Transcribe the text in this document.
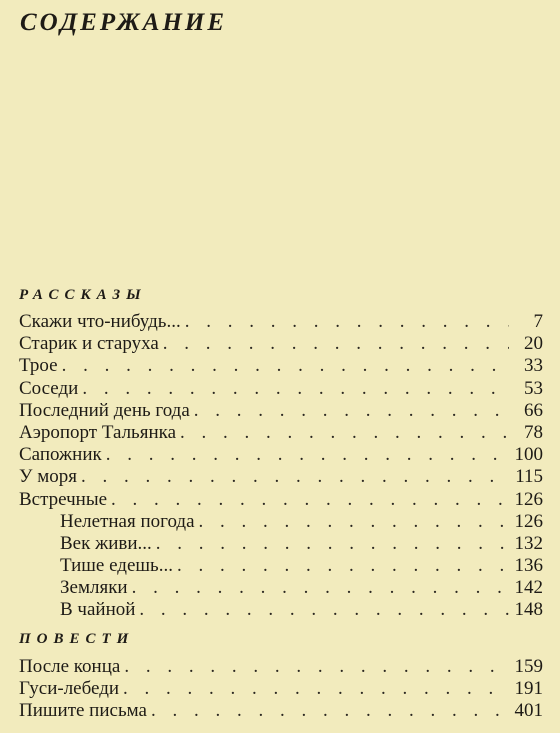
СОДЕРЖАНИЕ
РАССКАЗЫ
Скажи что-нибудь... . . .	7
Старик и старуха . . .	20
Трое . . .	33
Соседи . . .	53
Последний день года . . .	66
Аэропорт Тальянка . . .	78
Сапожник . . .	100
У моря . . .	115
Встречные . . .	126
Нелетная погода . . .	126
Век живи... . . .	132
Тише едешь... . . .	136
Земляки . . .	142
В чайной . . .	148
ПОВЕСТИ
После конца . . .	159
Гуси-лебеди . . .	191
Пишите письма . . .	401
